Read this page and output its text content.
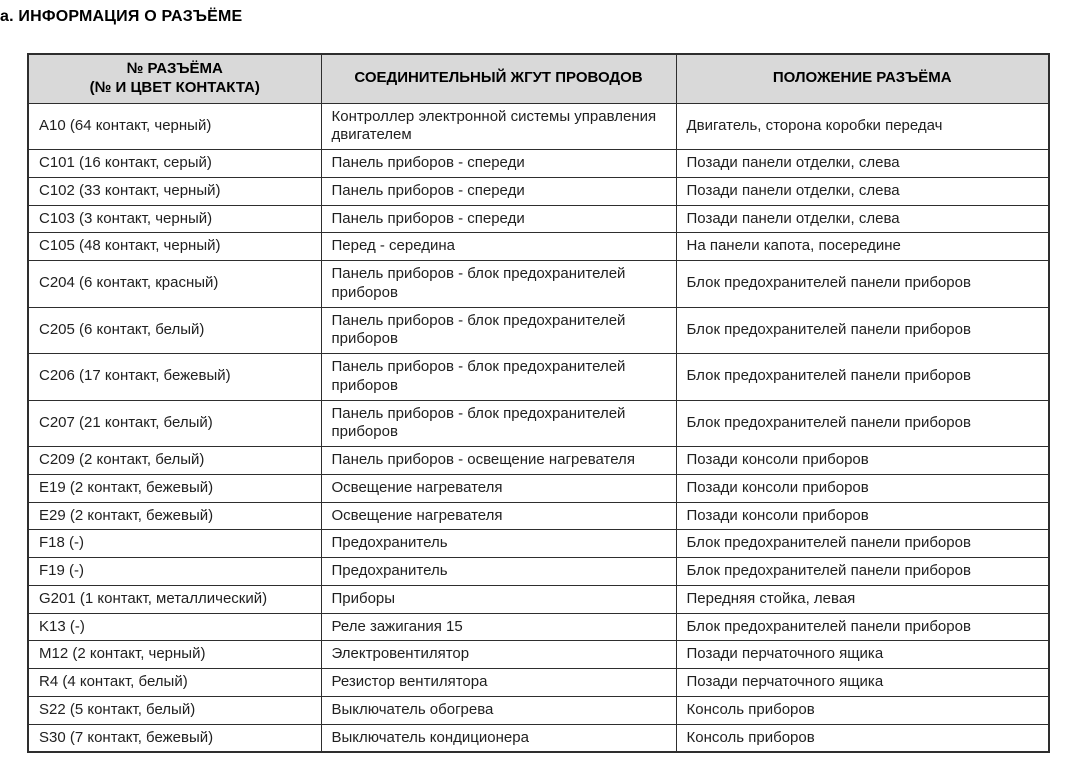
a. ИНФОРМАЦИЯ О РАЗЪЁМЕ
№ РАЗЪЁМА
(№ И ЦВЕТ КОНТАКТА)	СОЕДИНИТЕЛЬНЫЙ ЖГУТ ПРОВОДОВ	ПОЛОЖЕНИЕ РАЗЪЁМА

A10 (64 контакт, черный)	Контроллер электронной системы управления двигателем	Двигатель, сторона коробки передач
C101 (16 контакт, серый)	Панель приборов - спереди	Позади панели отделки, слева
C102 (33 контакт, черный)	Панель приборов - спереди	Позади панели отделки, слева
C103 (3 контакт, черный)	Панель приборов - спереди	Позади панели отделки, слева
C105 (48 контакт, черный)	Перед - середина	На панели капота, посередине
C204 (6 контакт, красный)	Панель приборов - блок предохранителей приборов	Блок предохранителей панели приборов
C205 (6 контакт, белый)	Панель приборов - блок предохранителей приборов	Блок предохранителей панели приборов
C206 (17 контакт, бежевый)	Панель приборов - блок предохранителей приборов	Блок предохранителей панели приборов
C207 (21 контакт, белый)	Панель приборов - блок предохранителей приборов	Блок предохранителей панели приборов
C209 (2 контакт, белый)	Панель приборов - освещение нагревателя	Позади консоли приборов
E19 (2 контакт, бежевый)	Освещение нагревателя	Позади консоли приборов
E29 (2 контакт, бежевый)	Освещение нагревателя	Позади консоли приборов
F18 (-)	Предохранитель	Блок предохранителей панели приборов
F19 (-)	Предохранитель	Блок предохранителей панели приборов
G201 (1 контакт, металлический)	Приборы	Передняя стойка, левая
K13 (-)	Реле зажигания 15	Блок предохранителей панели приборов
M12 (2 контакт, черный)	Электровентилятор	Позади перчаточного ящика
R4 (4 контакт, белый)	Резистор вентилятора	Позади перчаточного ящика
S22 (5 контакт, белый)	Выключатель обогрева	Консоль приборов
S30 (7 контакт, бежевый)	Выключатель кондиционера	Консоль приборов
